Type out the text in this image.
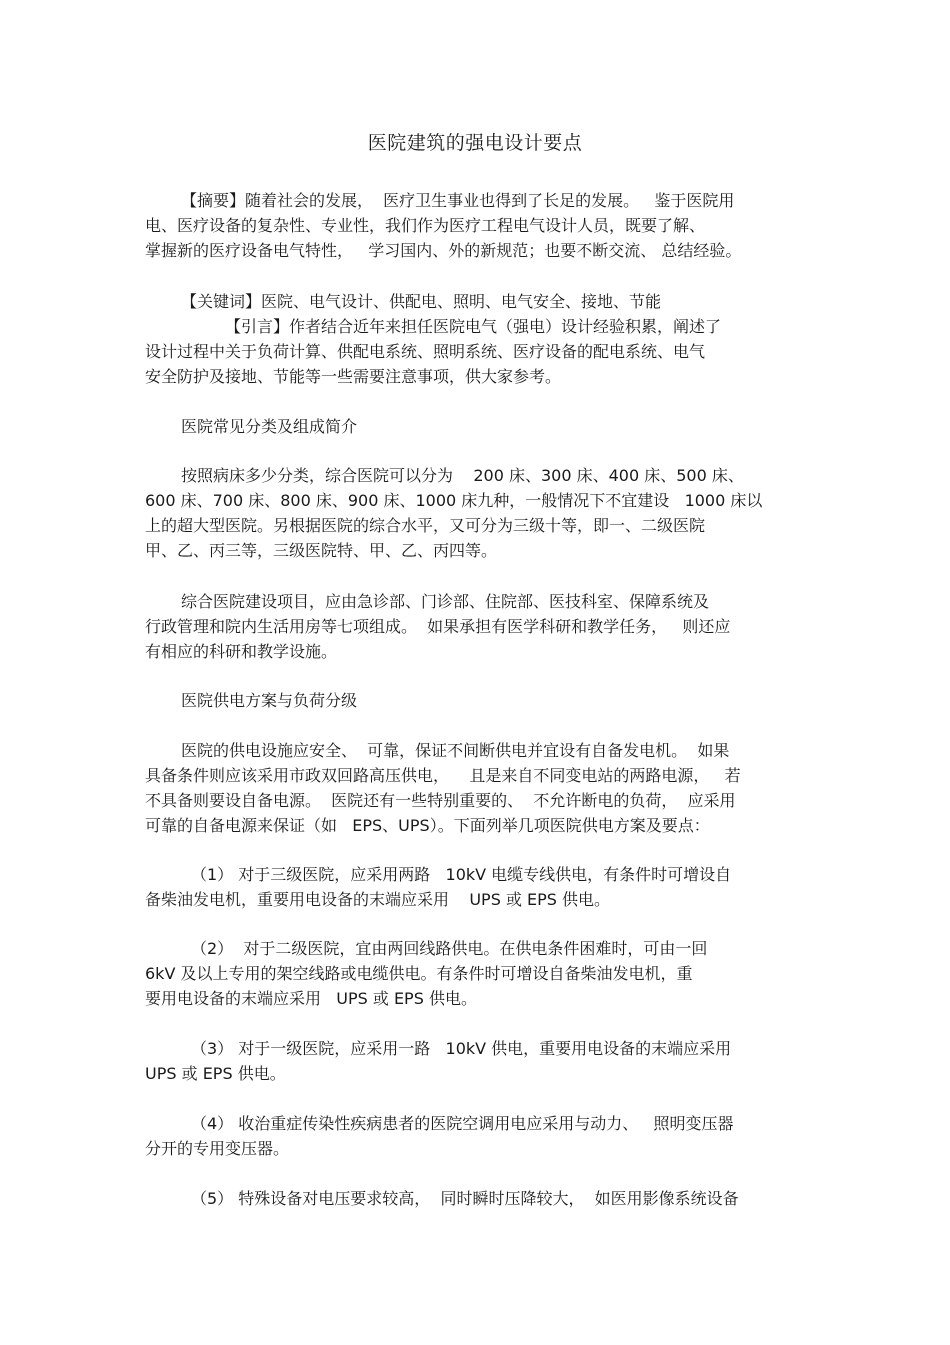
医院建筑的强电设计要点
【摘要】随着社会的发展，  医疗卫生事业也得到了长足的发展。   鉴于医院用
电、医疗设备的复杂性、专业性，我们作为医疗工程电气设计人员，既要了解、
掌握新的医疗设备电气特性，   学习国内、外的新规范；也要不断交流、 总结经验。
【关键词】医院、电气设计、供配电、照明、电气安全、接地、节能
【引言】作者结合近年来担任医院电气（强电）设计经验积累，阐述了
设计过程中关于负荷计算、供配电系统、照明系统、医疗设备的配电系统、电气
安全防护及接地、节能等一些需要注意事项，供大家参考。
医院常见分类及组成简介
按照病床多少分类，综合医院可以分为    200 床、300 床、400 床、500 床、
600 床、700 床、800 床、900 床、1000 床九种，一般情况下不宜建设   1000 床以
上的超大型医院。另根据医院的综合水平，又可分为三级十等，即一、二级医院
甲、乙、丙三等，三级医院特、甲、乙、丙四等。
综合医院建设项目，应由急诊部、门诊部、住院部、医技科室、保障系统及
行政管理和院内生活用房等七项组成。  如果承担有医学科研和教学任务，   则还应
有相应的科研和教学设施。
医院供电方案与负荷分级
医院的供电设施应安全、  可靠，保证不间断供电并宜设有自备发电机。  如果
具备条件则应该采用市政双回路高压供电，    且是来自不同变电站的两路电源，   若
不具备则要设自备电源。  医院还有一些特别重要的、  不允许断电的负荷，  应采用
可靠的自备电源来保证（如   EPS、UPS）。下面列举几项医院供电方案及要点：
（1） 对于三级医院，应采用两路   10kV 电缆专线供电，有条件时可增设自
备柴油发电机，重要用电设备的末端应采用    UPS 或 EPS 供电。
（2）  对于二级医院，宜由两回线路供电。在供电条件困难时，可由一回
6kV 及以上专用的架空线路或电缆供电。有条件时可增设自备柴油发电机，重
要用电设备的末端应采用   UPS 或 EPS 供电。
（3） 对于一级医院，应采用一路   10kV 供电，重要用电设备的末端应采用
UPS 或 EPS 供电。
（4） 收治重症传染性疾病患者的医院空调用电应采用与动力、   照明变压器
分开的专用变压器。
（5） 特殊设备对电压要求较高，  同时瞬时压降较大，  如医用影像系统设备
